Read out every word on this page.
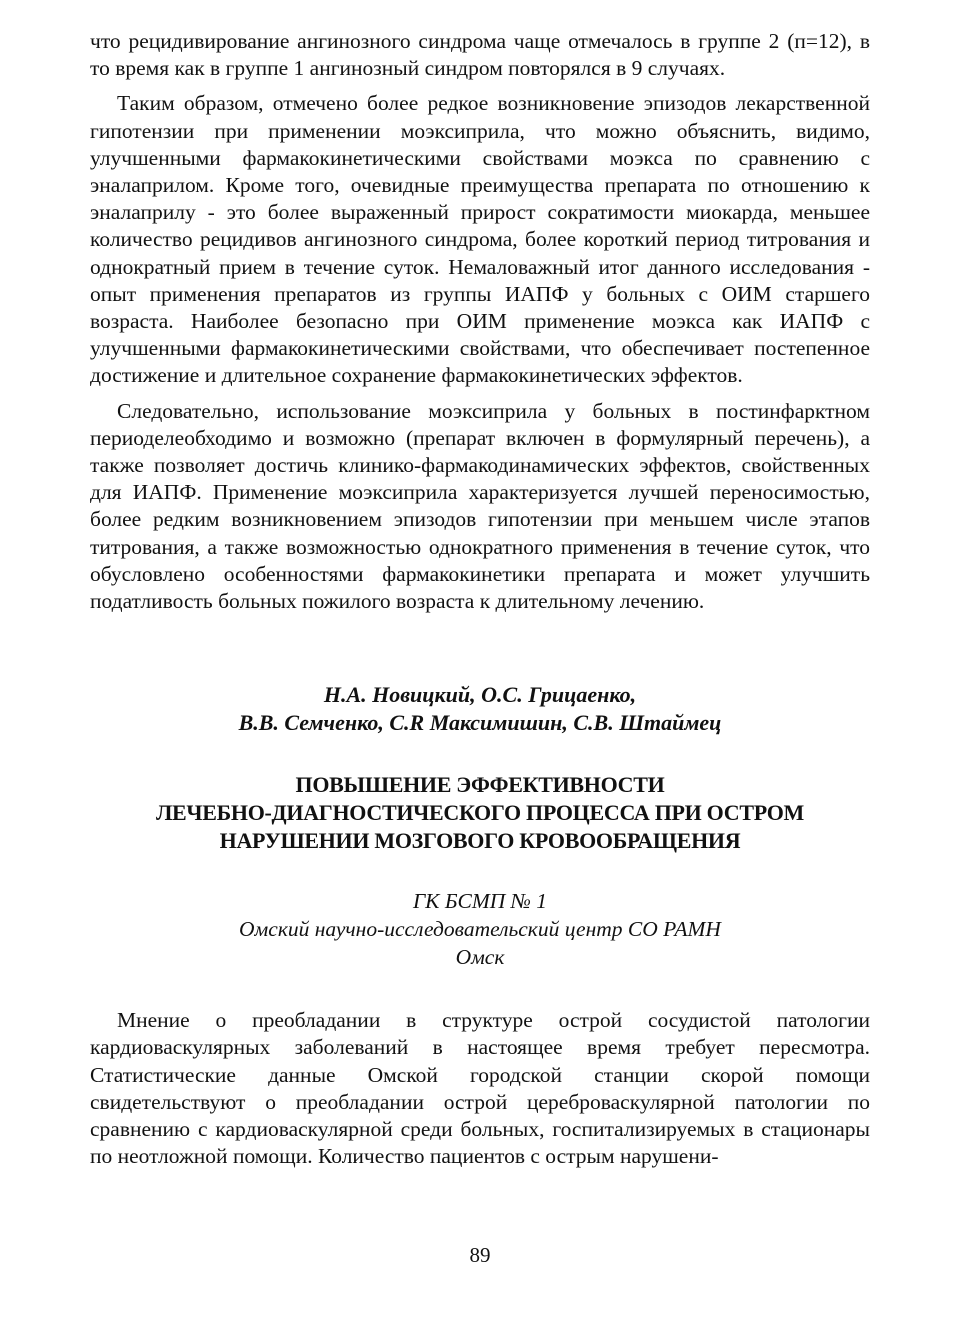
что рецидивирование ангинозного синдрома чаще отмечалось в группе 2 (п=12), в то время как в группе 1 ангинозный синдром повторялся в 9 случаях.

Таким образом, отмечено более редкое возникновение эпизодов лекарственной гипотензии при применении моэксиприла, что можно объяснить, видимо, улучшенными фармакокинетическими свойствами моэкса по сравнению с эналаприлом. Кроме того, очевидные преимущества препарата по отношению к эналаприлу - это более выраженный прирост сократимости миокарда, меньшее количество рецидивов ангинозного синдрома, более короткий период титрования и однократный прием в течение суток. Немаловажный итог данного исследования - опыт применения препаратов из группы ИАПФ у больных с ОИМ старшего возраста. Наиболее безопасно при ОИМ применение моэкса как ИАПФ с улучшенными фармакокинетическими свойствами, что обеспечивает постепенное достижение и длительное сохранение фармакокинетических эффектов.

Следовательно, использование моэксиприла у больных в постинфарктном периоделеобходимо и возможно (препарат включен в формулярный перечень), а также позволяет достичь клинико-фармакодинамических эффектов, свойственных для ИАПФ. Применение моэксиприла характеризуется лучшей переносимостью, более редким возникновением эпизодов гипотензии при меньшем числе этапов титрования, а также возможностью однократного применения в течение суток, что обусловлено особенностями фармакокинетики препарата и может улучшить податливость больных пожилого возраста к длительному лечению.

Н.А. Новицкий, О.С. Грицаенко,
В.В. Семченко, С.R Максимишин, С.В. Штаймец
ПОВЫШЕНИЕ ЭФФЕКТИВНОСТИ
ЛЕЧЕБНО-ДИАГНОСТИЧЕСКОГО ПРОЦЕССА ПРИ ОСТРОМ
НАРУШЕНИИ МОЗГОВОГО КРОВООБРАЩЕНИЯ
ГК БСМП № 1
Омский научно-исследовательский центр СО РАМН
Омск

Мнение о преобладании в структуре острой сосудистой патологии кардиоваскулярных заболеваний в настоящее время требует пересмотра. Статистические данные Омской городской станции скорой помощи свидетельствуют о преобладании острой цереброваскулярной патологии по сравнению с кардиоваскулярной среди больных, госпитализируемых в стационары по неотложной помощи. Количество пациентов с острым нарушени-

89
